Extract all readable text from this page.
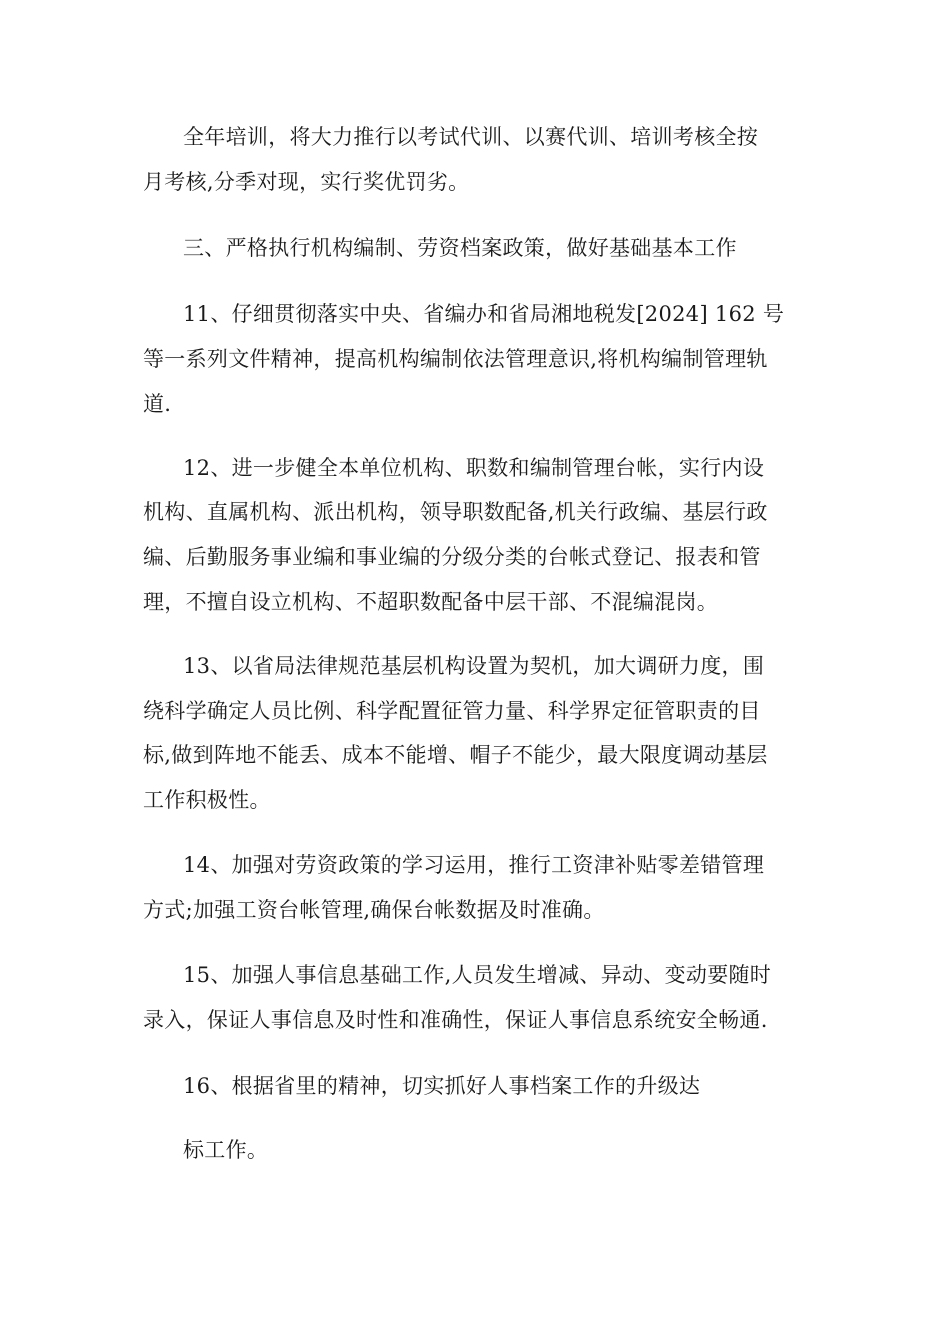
全年培训，将大力推行以考试代训、以赛代训、培训考核全按
月考核,分季对现，实行奖优罚劣。
三、严格执行机构编制、劳资档案政策，做好基础基本工作
11、仔细贯彻落实中央、省编办和省局湘地税发[2024] 162 号
等一系列文件精神，提高机构编制依法管理意识,将机构编制管理轨
道.
12、进一步健全本单位机构、职数和编制管理台帐，实行内设
机构、直属机构、派出机构，领导职数配备,机关行政编、基层行政
编、后勤服务事业编和事业编的分级分类的台帐式登记、报表和管
理，不擅自设立机构、不超职数配备中层干部、不混编混岗。
13、以省局法律规范基层机构设置为契机，加大调研力度，围
绕科学确定人员比例、科学配置征管力量、科学界定征管职责的目
标,做到阵地不能丢、成本不能增、帽子不能少，最大限度调动基层
工作积极性。
14、加强对劳资政策的学习运用，推行工资津补贴零差错管理
方式;加强工资台帐管理,确保台帐数据及时准确。
15、加强人事信息基础工作,人员发生增减、异动、变动要随时
录入，保证人事信息及时性和准确性，保证人事信息系统安全畅通.
16、根据省里的精神，切实抓好人事档案工作的升级达
标工作。
